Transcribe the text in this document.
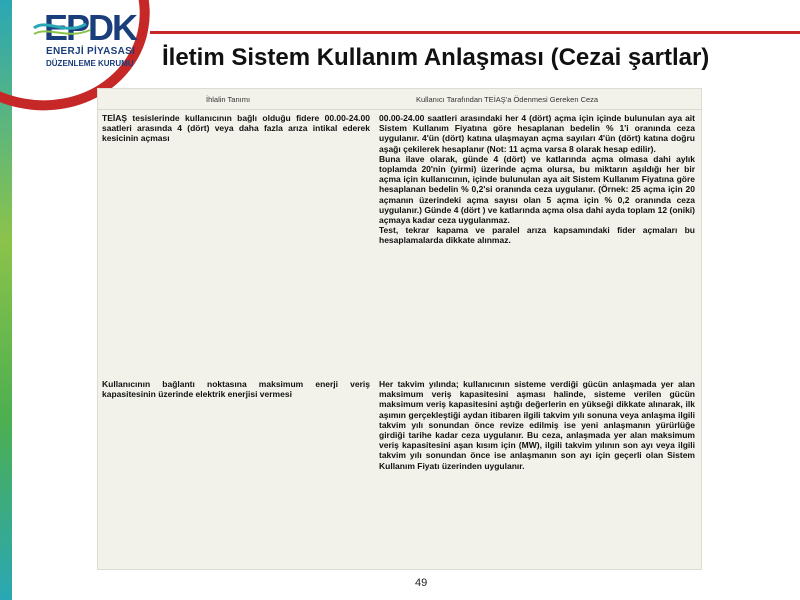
EPDK
ENERJİ PİYASASI
DÜZENLEME KURUMU İletim Sistem Kullanım Anlaşması (Cezai şartlar)
İhlalin Tanımı	Kullanıcı Tarafından TEİAŞ'a Ödenmesi Gereken Ceza

TEİAŞ tesislerinde kullanıcının bağlı olduğu fidere 00.00-24.00 saatleri arasında 4 (dört) veya daha fazla arıza intikal ederek kesicinin açması

00.00-24.00 saatleri arasındaki her 4 (dört) açma için içinde bulunulan aya ait Sistem Kullanım Fiyatına göre hesaplanan bedelin % 1'i oranında ceza uygulanır. 4'ün (dört) katına ulaşmayan açma sayıları 4'ün (dört) katına doğru aşağı çekilerek hesaplanır (Not: 11 açma varsa 8 olarak hesap edilir).

Buna ilave olarak, günde 4 (dört) ve katlarında açma olmasa dahi aylık toplamda 20'nin (yirmi) üzerinde açma olursa, bu miktarın aşıldığı her bir açma için kullanıcının, içinde bulunulan aya ait Sistem Kullanım Fiyatına göre hesaplanan bedelin % 0,2'si oranında ceza uygulanır. (Örnek: 25 açma için 20 açmanın üzerindeki açma sayısı olan 5 açma için % 0,2 oranında ceza uygulanır.) Günde 4 (dört ) ve katlarında açma olsa dahi ayda toplam 12 (oniki) açmaya kadar ceza uygulanmaz.

Test, tekrar kapama ve paralel arıza kapsamındaki fider açmaları bu hesaplamalarda dikkate alınmaz.

Kullanıcının bağlantı noktasına maksimum enerji veriş kapasitesinin üzerinde elektrik enerjisi vermesi

Her takvim yılında; kullanıcının sisteme verdiği gücün anlaşmada yer alan maksimum veriş kapasitesini aşması halinde, sisteme verilen gücün maksimum veriş kapasitesini aştığı değerlerin en yükseği dikkate alınarak, ilk aşımın gerçekleştiği aydan itibaren ilgili takvim yılı sonuna veya anlaşma ilgili takvim yılı sonundan önce revize edilmiş ise yeni anlaşmanın yürürlüğe girdiği tarihe kadar ceza uygulanır. Bu ceza, anlaşmada yer alan maksimum veriş kapasitesini aşan kısım için (MW), ilgili takvim yılının son ayı veya ilgili takvim yılı sonundan önce ise anlaşmanın son ayı için geçerli olan Sistem Kullanım Fiyatı üzerinden uygulanır.

49
